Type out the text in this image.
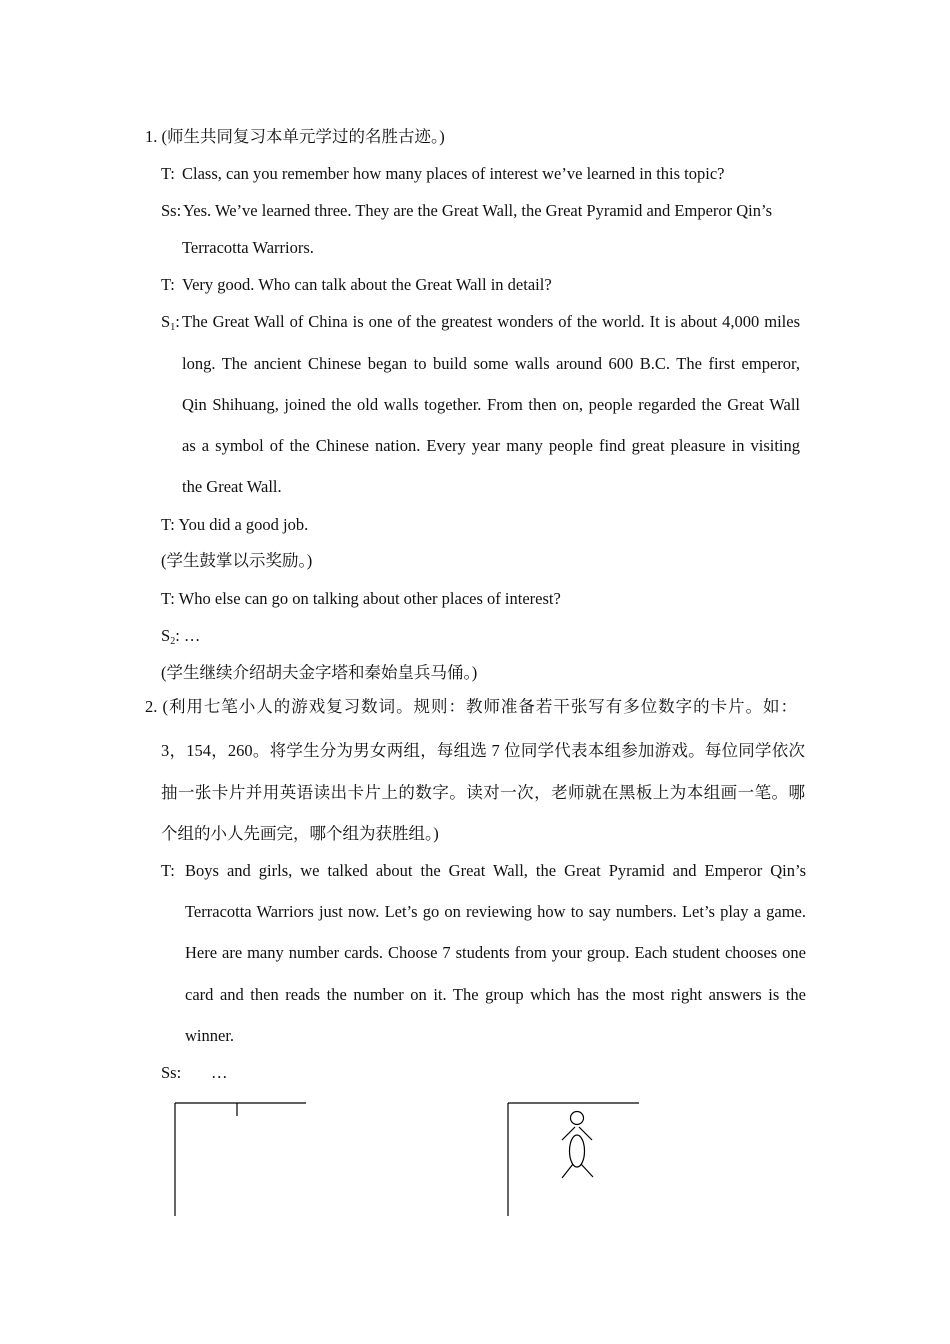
1. (师生共同复习本单元学过的名胜古迹。)
T: Class, can you remember how many places of interest we’ve learned in this topic?
Ss: Yes. We’ve learned three. They are the Great Wall, the Great Pyramid and Emperor Qin’s
Terracotta Warriors.
T: Very good. Who can talk about the Great Wall in detail?
$S_1$: The Great Wall of China is one of the greatest wonders of the world. It is about 4,000 miles
long. The ancient Chinese began to build some walls around 600 B.C. The first emperor,
Qin Shihuang, joined the old walls together. From then on, people regarded the Great Wall
as a symbol of the Chinese nation. Every year many people find great pleasure in visiting
the Great Wall.
T: You did a good job.
(学生鼓掌以示奖励。)
T: Who else can go on talking about other places of interest?
$S_2$: …
(学生继续介绍胡夫金字塔和秦始皇兵马俑。)
2. (利用七笔小人的游戏复习数词。规则：教师准备若干张写有多位数字的卡片。如：
3，154，260。将学生分为男女两组，每组选 7 位同学代表本组参加游戏。每位同学依次
抽一张卡片并用英语读出卡片上的数字。读对一次，老师就在黑板上为本组画一笔。哪
个组的小人先画完，哪个组为获胜组。)
T: Boys and girls, we talked about the Great Wall, the Great Pyramid and Emperor Qin’s
Terracotta Warriors just now. Let’s go on reviewing how to say numbers. Let’s play a game.
Here are many number cards. Choose 7 students from your group. Each student chooses one
card and then reads the number on it. The group which has the most right answers is the
winner.
Ss: …
